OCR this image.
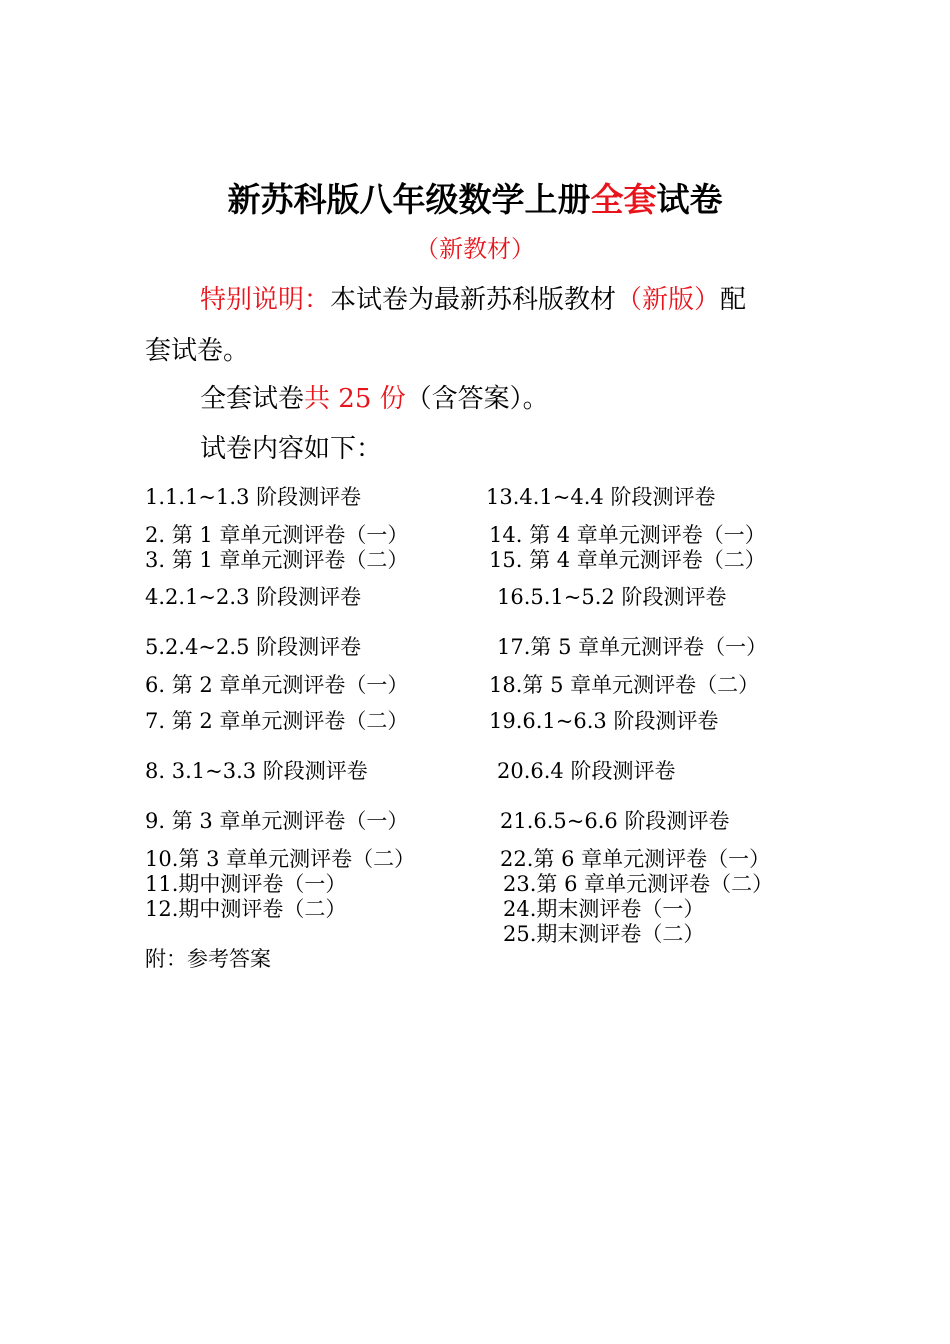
新苏科版八年级数学上册全套试卷
（新教材）
特别说明：本试卷为最新苏科版教材（新版）配
套试卷。
全套试卷共 25 份（含答案）。
试卷内容如下：
1.1.1~1.3 阶段测评卷
2. 第 1 章单元测评卷（一）
3. 第 1 章单元测评卷（二）
4.2.1~2.3 阶段测评卷
5.2.4~2.5 阶段测评卷
6. 第 2 章单元测评卷（一）
7. 第 2 章单元测评卷（二）
8. 3.1~3.3 阶段测评卷
9. 第 3 章单元测评卷（一）
10.第 3 章单元测评卷（二）
11.期中测评卷（一）
12.期中测评卷（二）
13.4.1~4.4 阶段测评卷
14. 第 4 章单元测评卷（一）
15. 第 4 章单元测评卷（二）
16.5.1~5.2 阶段测评卷
17.第 5 章单元测评卷（一）
18.第 5 章单元测评卷（二）
19.6.1~6.3 阶段测评卷
20.6.4 阶段测评卷
21.6.5~6.6 阶段测评卷
22.第 6 章单元测评卷（一）
23.第 6 章单元测评卷（二）
24.期末测评卷（一）
25.期末测评卷（二）
附：参考答案
